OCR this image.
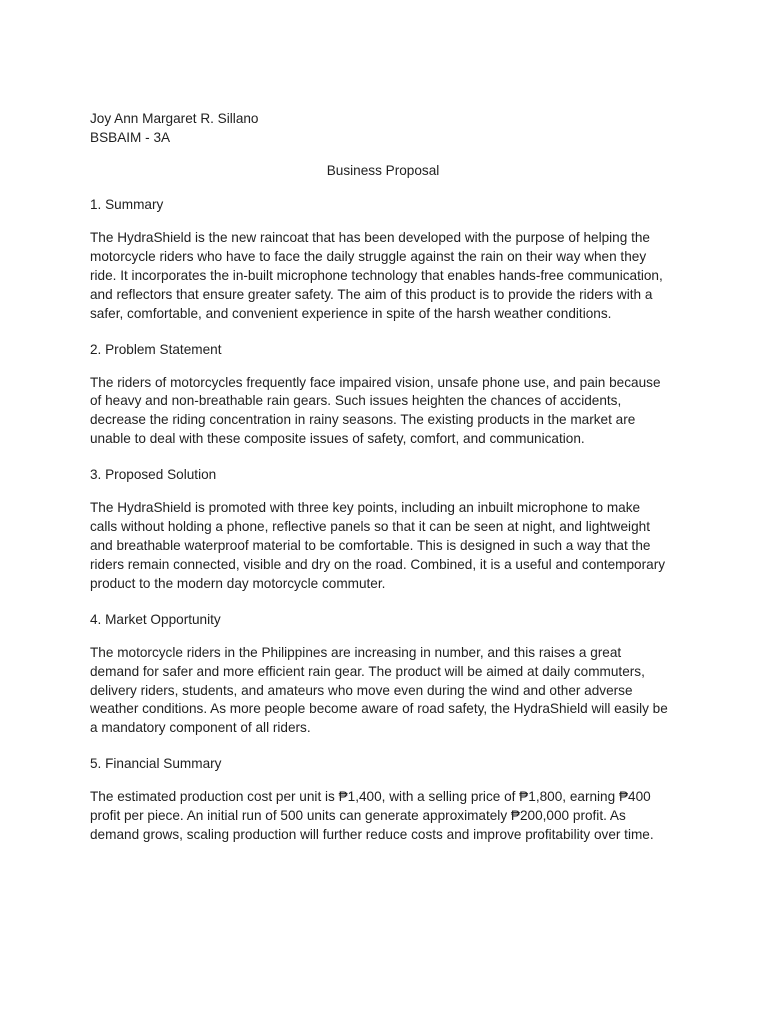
Joy Ann Margaret R. Sillano
BSBAIM - 3A
Business Proposal
1. Summary
The HydraShield is the new raincoat that has been developed with the purpose of helping the
motorcycle riders who have to face the daily struggle against the rain on their way when they
ride. It incorporates the in-built microphone technology that enables hands-free communication,
and reflectors that ensure greater safety. The aim of this product is to provide the riders with a
safer, comfortable, and convenient experience in spite of the harsh weather conditions.
2. Problem Statement
The riders of motorcycles frequently face impaired vision, unsafe phone use, and pain because
of heavy and non-breathable rain gears. Such issues heighten the chances of accidents,
decrease the riding concentration in rainy seasons. The existing products in the market are
unable to deal with these composite issues of safety, comfort, and communication.
3. Proposed Solution
The HydraShield is promoted with three key points, including an inbuilt microphone to make
calls without holding a phone, reflective panels so that it can be seen at night, and lightweight
and breathable waterproof material to be comfortable. This is designed in such a way that the
riders remain connected, visible and dry on the road. Combined, it is a useful and contemporary
product to the modern day motorcycle commuter.
4. Market Opportunity
The motorcycle riders in the Philippines are increasing in number, and this raises a great
demand for safer and more efficient rain gear. The product will be aimed at daily commuters,
delivery riders, students, and amateurs who move even during the wind and other adverse
weather conditions. As more people become aware of road safety, the HydraShield will easily be
a mandatory component of all riders.
5. Financial Summary
The estimated production cost per unit is ₱1,400, with a selling price of ₱1,800, earning ₱400
profit per piece. An initial run of 500 units can generate approximately ₱200,000 profit. As
demand grows, scaling production will further reduce costs and improve profitability over time.
